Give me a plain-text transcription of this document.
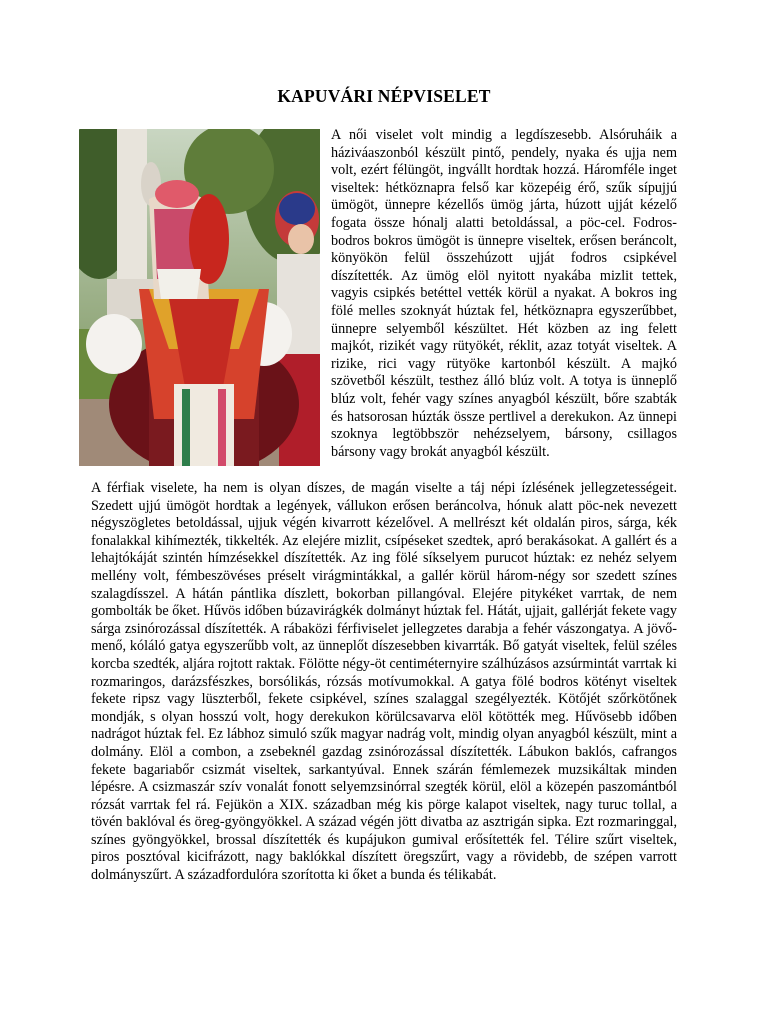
KAPUVÁRI NÉPVISELET

A női viselet volt mindig a legdíszesebb. Alsóruháik a háziváaszonból készült pintő, pendely, nyaka és ujja nem volt, ezért félüngöt, ingvállt hordtak hozzá. Háromféle inget viseltek: hétköznapra felső kar közepéig érő, szűk sípujjú ümögöt, ünnepre kézellős ümög járta, húzott ujját kézelő fogata össze hónalj alatti betoldással, a pöc-cel. Fodros-bodros bokros ümögöt is ünnepre viseltek, erősen beráncolt, könyökön felül összehúzott ujját fodros csipkével díszítették. Az ümög elöl nyitott nyakába mizlit tettek, vagyis csipkés betéttel vették körül a nyakat. A bokros ing fölé melles szoknyát húztak fel, hétköznapra egyszerűbbet, ünnepre selyemből készültet. Hét közben az ing felett majkót, rizikét vagy rütyökét, réklit, azaz totyát viseltek. A rizike, rici vagy rütyöke kartonból készült. A majkó szövetből készült, testhez álló blúz volt. A totya is ünneplő blúz volt, fehér vagy színes anyagból készült, bőre szabták és hatsorosan húzták össze pertlivel a derekukon. Az ünnepi szoknya legtöbbször nehézselyem, bársony, csillagos bársony vagy brokát anyagból készült.

A férfiak viselete, ha nem is olyan díszes, de magán viselte a táj népi ízlésének jellegzetességeit. Szedett ujjú ümögöt hordtak a legények, vállukon erősen beráncolva, hónuk alatt pöc-nek nevezett négyszögletes betoldással, ujjuk végén kivarrott kézelővel. A mellrészt két oldalán piros, sárga, kék fonalakkal kihímezték, tikkelték. Az elejére mizlit, csípéseket szedtek, apró berakásokat. A gallért és a lehajtókáját szintén hímzésekkel díszítették. Az ing fölé síkselyem purucot húztak: ez nehéz selyem mellény volt, fémbeszövéses préselt virágmintákkal, a gallér körül három-négy sor szedett színes szalagdísszel. A hátán pántlika díszlett, bokorban pillangóval. Elejére pitykéket varrtak, de nem gombolták be őket. Hűvös időben búzavirágkék dolmányt húztak fel. Hátát, ujjait, gallérját fekete vagy sárga zsinórozással díszítették. A rábaközi férfiviselet jellegzetes darabja a fehér vászongatya. A jövő-menő, kóláló gatya egyszerűbb volt, az ünneplőt díszesebben kivarrták. Bő gatyát viseltek, felül széles korcba szedték, aljára rojtott raktak. Fölötte négy-öt centiméternyire szálhúzásos azsúrmintát varrtak ki rozmaringos, darázsfészkes, borsólikás, rózsás motívumokkal. A gatya fölé bodros kötényt viseltek fekete ripsz vagy lüszterből, fekete csipkével, színes szalaggal szegélyezték. Kötőjét szőrkötőnek mondják, s olyan hosszú volt, hogy derekukon körülcsavarva elöl kötötték meg. Hűvösebb időben nadrágot húztak fel. Ez lábhoz simuló szűk magyar nadrág volt, mindig olyan anyagból készült, mint a dolmány. Elöl a combon, a zsebeknél gazdag zsinórozással díszítették. Lábukon baklós, cafrangos fekete bagariabőr csizmát viseltek, sarkantyúval. Ennek szárán fémlemezek muzsikáltak minden lépésre. A csizmaszár szív vonalát fonott selyemzsinórral szegték körül, elöl a közepén paszomántból rózsát varrtak fel rá. Fejükön a XIX. században még kis pörge kalapot viseltek, nagy turuc tollal, a tövén baklóval és öreg-gyöngyökkel. A század végén jött divatba az asztrigán sipka. Ezt rozmaringgal, színes gyöngyökkel, brossal díszítették és kupájukon gumival erősítették fel. Télire szűrt viseltek, piros posztóval kicifrázott, nagy baklókkal díszített öregszűrt, vagy a rövidebb, de szépen varrott dolmányszűrt. A századfordulóra szorította ki őket a bunda és télikabát.
